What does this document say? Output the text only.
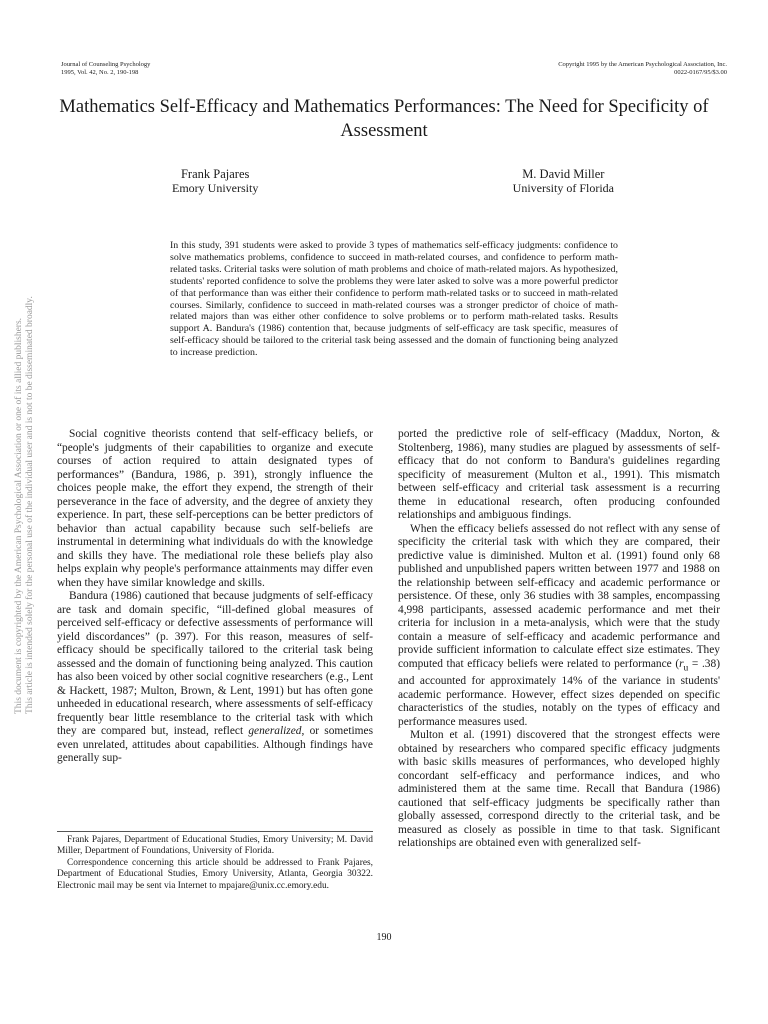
Journal of Counseling Psychology
1995, Vol. 42, No. 2, 190-198
Copyright 1995 by the American Psychological Association, Inc.
0022-0167/95/$3.00
Mathematics Self-Efficacy and Mathematics Performances: The Need for Specificity of Assessment
Frank Pajares
Emory University
M. David Miller
University of Florida
In this study, 391 students were asked to provide 3 types of mathematics self-efficacy judgments: confidence to solve mathematics problems, confidence to succeed in math-related courses, and confidence to perform math-related tasks. Criterial tasks were solution of math problems and choice of math-related majors. As hypothesized, students' reported confidence to solve the problems they were later asked to solve was a more powerful predictor of that performance than was either their confidence to perform math-related tasks or to succeed in math-related courses. Similarly, confidence to succeed in math-related courses was a stronger predictor of choice of math-related majors than was either other confidence to solve problems or to perform math-related tasks. Results support A. Bandura's (1986) contention that, because judgments of self-efficacy are task specific, measures of self-efficacy should be tailored to the criterial task being assessed and the domain of functioning being analyzed to increase prediction.

Social cognitive theorists contend that self-efficacy beliefs, or “people's judgments of their capabilities to organize and execute courses of action required to attain designated types of performances” (Bandura, 1986, p. 391), strongly influence the choices people make, the effort they expend, the strength of their perseverance in the face of adversity, and the degree of anxiety they experience. In part, these self-perceptions can be better predictors of behavior than actual capability because such self-beliefs are instrumental in determining what individuals do with the knowledge and skills they have. The mediational role these beliefs play also helps explain why people's performance attainments may differ even when they have similar knowledge and skills.

Bandura (1986) cautioned that because judgments of self-efficacy are task and domain specific, “ill-defined global measures of perceived self-efficacy or defective assessments of performance will yield discordances” (p. 397). For this reason, measures of self-efficacy should be specifically tailored to the criterial task being assessed and the domain of functioning being analyzed. This caution has also been voiced by other social cognitive researchers (e.g., Lent & Hackett, 1987; Multon, Brown, & Lent, 1991) but has often gone unheeded in educational research, where assessments of self-efficacy frequently bear little resemblance to the criterial task with which they are compared but, instead, reflect generalized, or sometimes even unrelated, attitudes about capabilities. Although findings have generally sup-

ported the predictive role of self-efficacy (Maddux, Norton, & Stoltenberg, 1986), many studies are plagued by assessments of self-efficacy that do not conform to Bandura's guidelines regarding specificity of measurement (Multon et al., 1991). This mismatch between self-efficacy and criterial task assessment is a recurring theme in educational research, often producing confounded relationships and ambiguous findings.

When the efficacy beliefs assessed do not reflect with any sense of specificity the criterial task with which they are compared, their predictive value is diminished. Multon et al. (1991) found only 68 published and unpublished papers written between 1977 and 1988 on the relationship between self-efficacy and academic performance or persistence. Of these, only 36 studies with 38 samples, encompassing 4,998 participants, assessed academic performance and met their criteria for inclusion in a meta-analysis, which were that the study contain a measure of self-efficacy and academic performance and provide sufficient information to calculate effect size estimates. They computed that efficacy beliefs were related to performance $(r_u = .38)$ and accounted for approximately 14% of the variance in students' academic performance. However, effect sizes depended on specific characteristics of the studies, notably on the types of efficacy and performance measures used.

Multon et al. (1991) discovered that the strongest effects were obtained by researchers who compared specific efficacy judgments with basic skills measures of performances, who developed highly concordant self-efficacy and performance indices, and who administered them at the same time. Recall that Bandura (1986) cautioned that self-efficacy judgments be specifically rather than globally assessed, correspond directly to the criterial task, and be measured as closely as possible in time to that task. Significant relationships are obtained even with generalized self-

Frank Pajares, Department of Educational Studies, Emory University; M. David Miller, Department of Foundations, University of Florida.

Correspondence concerning this article should be addressed to Frank Pajares, Department of Educational Studies, Emory University, Atlanta, Georgia 30322. Electronic mail may be sent via Internet to mpajare@unix.cc.emory.edu.

190
This document is copyrighted by the American Psychological Association or one of its allied publishers. This article is intended solely for the personal use of the individual user and is not to be disseminated broadly.
